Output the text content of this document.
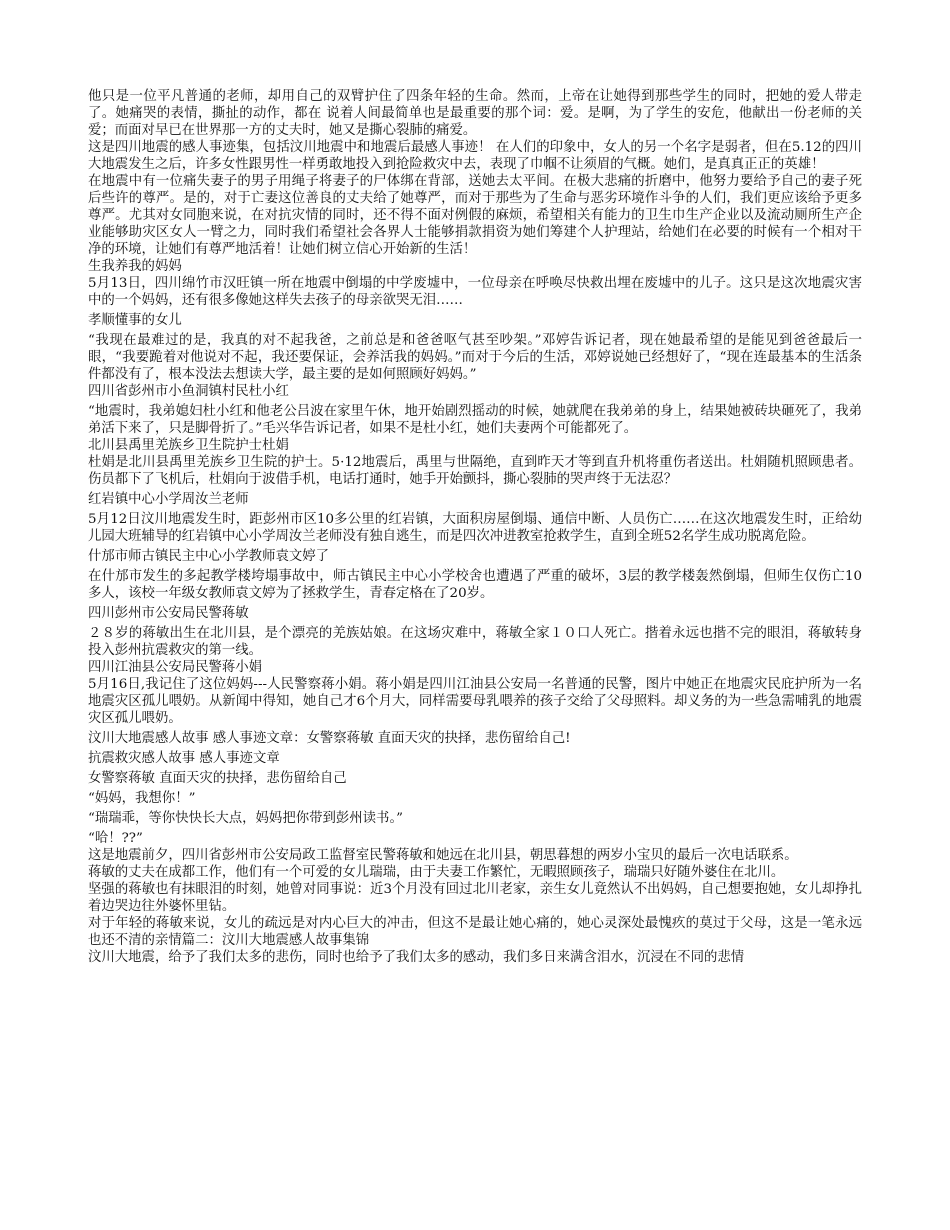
他只是一位平凡普通的老师，却用自己的双臂护住了四条年轻的生命。然而，上帝在让她得到那些学生的同时，把她的爱人带走了。她痛哭的表情，撕扯的动作，都在 说着人间最简单也是最重要的那个词：爱。是啊，为了学生的安危，他献出一份老师的关爱；而面对早已在世界那一方的丈夫时，她又是撕心裂肺的痛爱。

这是四川地震的感人事迹集，包括汶川地震中和地震后最感人事迹！ 在人们的印象中，女人的另一个名字是弱者，但在5.12的四川大地震发生之后，许多女性跟男性一样勇敢地投入到抢险救灾中去，表现了巾帼不让须眉的气概。她们，是真真正正的英雄！

在地震中有一位痛失妻子的男子用绳子将妻子的尸体绑在背部，送她去太平间。在极大悲痛的折磨中，他努力要给予自己的妻子死后些许的尊严。是的，对于亡妻这位善良的丈夫给了她尊严，而对于那些为了生命与恶劣环境作斗争的人们，我们更应该给予更多尊严。尤其对女同胞来说，在对抗灾情的同时，还不得不面对例假的麻烦，希望相关有能力的卫生巾生产企业以及流动厕所生产企业能够助灾区女人一臂之力，同时我们希望社会各界人士能够捐款捐资为她们筹建个人护理站，给她们在必要的时候有一个相对干净的环境，让她们有尊严地活着！让她们树立信心开始新的生活！

生我养我的妈妈

5月13日，四川绵竹市汉旺镇一所在地震中倒塌的中学废墟中，一位母亲在呼唤尽快救出埋在废墟中的儿子。这只是这次地震灾害中的一个妈妈，还有很多像她这样失去孩子的母亲欲哭无泪……

孝顺懂事的女儿

“我现在最难过的是，我真的对不起我爸，之前总是和爸爸呕气甚至吵架。”邓婷告诉记者，现在她最希望的是能见到爸爸最后一眼，“我要跪着对他说对不起，我还要保证，会养活我的妈妈。”而对于今后的生活，邓婷说她已经想好了，“现在连最基本的生活条件都没有了，根本没法去想读大学，最主要的是如何照顾好妈妈。”

四川省彭州市小鱼洞镇村民杜小红

“地震时，我弟媳妇杜小红和他老公吕波在家里午休，地开始剧烈摇动的时候，她就爬在我弟弟的身上，结果她被砖块砸死了，我弟弟活下来了，只是脚骨折了。”毛兴华告诉记者，如果不是杜小红，她们夫妻两个可能都死了。

北川县禹里羌族乡卫生院护士杜娟

杜娟是北川县禹里羌族乡卫生院的护士。5·12地震后，禹里与世隔绝，直到昨天才等到直升机将重伤者送出。杜娟随机照顾患者。伤员都下了飞机后，杜娟向于波借手机，电话打通时，她手开始颤抖，撕心裂肺的哭声终于无法忍？

红岩镇中心小学周汝兰老师

5月12日汶川地震发生时，距彭州市区10多公里的红岩镇，大面积房屋倒塌、通信中断、人员伤亡……在这次地震发生时，正给幼儿园大班辅导的红岩镇中心小学周汝兰老师没有独自逃生，而是四次冲进教室抢救学生，直到全班52名学生成功脱离危险。

什邡市师古镇民主中心小学教师袁文婷了

在什邡市发生的多起教学楼垮塌事故中，师古镇民主中心小学校舍也遭遇了严重的破坏，3层的教学楼轰然倒塌，但师生仅伤亡10多人，该校一年级女教师袁文婷为了拯救学生，青春定格在了20岁。

四川彭州市公安局民警蒋敏

２８岁的蒋敏出生在北川县，是个漂亮的羌族姑娘。在这场灾难中，蒋敏全家１０口人死亡。揩着永远也揩不完的眼泪，蒋敏转身投入彭州抗震救灾的第一线。

四川江油县公安局民警蒋小娟

5月16日,我记住了这位妈妈---人民警察蒋小娟。蒋小娟是四川江油县公安局一名普通的民警，图片中她正在地震灾民庇护所为一名地震灾区孤儿喂奶。从新闻中得知，她自己才6个月大，同样需要母乳喂养的孩子交给了父母照料。却义务的为一些急需哺乳的地震灾区孤儿喂奶。

汶川大地震感人故事 感人事迹文章：女警察蒋敏 直面天灾的抉择，悲伤留给自己!

抗震救灾感人故事 感人事迹文章

女警察蒋敏 直面天灾的抉择，悲伤留给自己

“妈妈，我想你！”

“瑞瑞乖，等你快快长大点，妈妈把你带到彭州读书。”

“哈！??”

这是地震前夕，四川省彭州市公安局政工监督室民警蒋敏和她远在北川县，朝思暮想的两岁小宝贝的最后一次电话联系。

蒋敏的丈夫在成都工作，他们有一个可爱的女儿瑞瑞，由于夫妻工作繁忙，无暇照顾孩子，瑞瑞只好随外婆住在北川。

坚强的蒋敏也有抹眼泪的时刻，她曾对同事说：近3个月没有回过北川老家，亲生女儿竟然认不出妈妈，自己想要抱她，女儿却挣扎着边哭边往外婆怀里钻。

对于年轻的蒋敏来说，女儿的疏远是对内心巨大的冲击，但这不是最让她心痛的，她心灵深处最愧疚的莫过于父母，这是一笔永远也还不清的亲情篇二：汶川大地震感人故事集锦

汶川大地震，给予了我们太多的悲伤，同时也给予了我们太多的感动，我们多日来满含泪水，沉浸在不同的悲情
